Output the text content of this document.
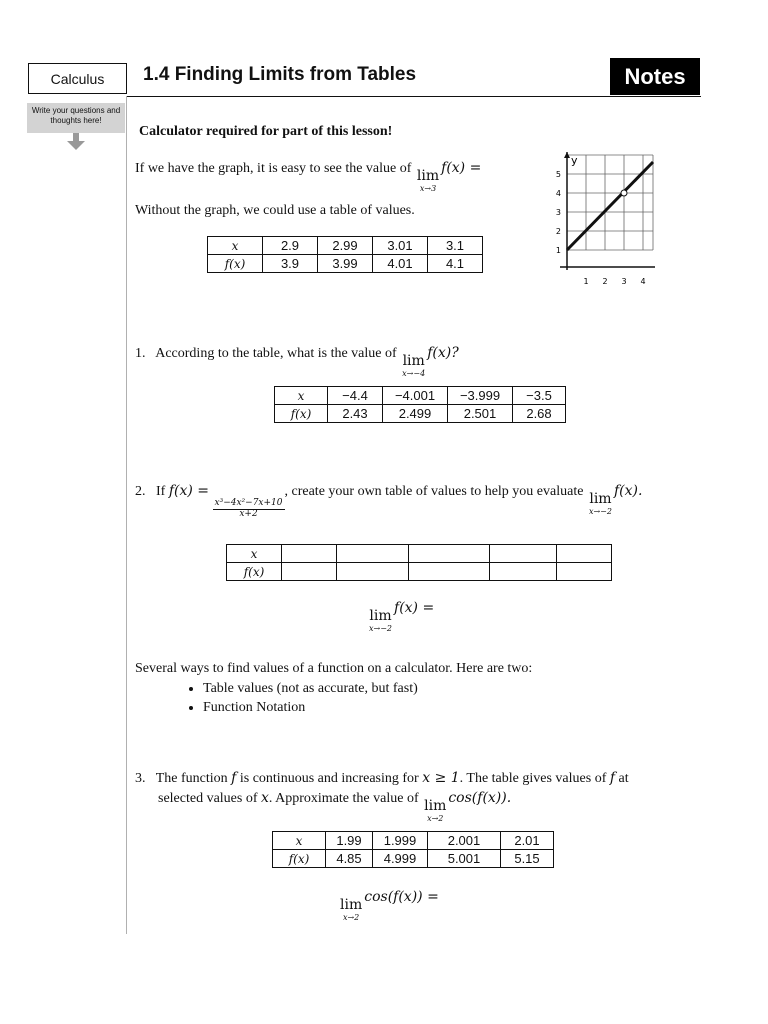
Calculus 1.4 Finding Limits from Tables	Notes
Write your questions and thoughts here!
Calculator required for part of this lesson!
If we have the graph, it is easy to see the value of lim
x→3
f(x) =
Without the graph, we could use a table of values.
x	2.9	2.99	3.01	3.1
f(x)	3.9	3.99	4.01	4.1
y
1 2 3 4
5
4
3
2
1
1. According to the table, what is the value of lim
x→−4
f(x)?
x	−4.4	−4.001	−3.999	−3.5
f(x)	2.43	2.499	2.501	2.68
2. If f(x) =
$\frac{\text{x³−4x²−7x+10}}{x+2}$
, create your own table of values to help you evaluate lim
x→−2
f(x).
x					
f(x)					
lim
x→−2
f(x) =
Several ways to find values of a function on a calculator. Here are two:
• Table values (not as accurate, but fast)
• Function Notation
3. The function f is continuous and increasing for x ≥ 1. The table gives values of f at
selected values of x. Approximate the value of lim
x→2
cos(f(x)).
x	1.99	1.999	2.001	2.01
f(x)	4.85	4.999	5.001	5.15
lim
x→2
cos(f(x)) =
